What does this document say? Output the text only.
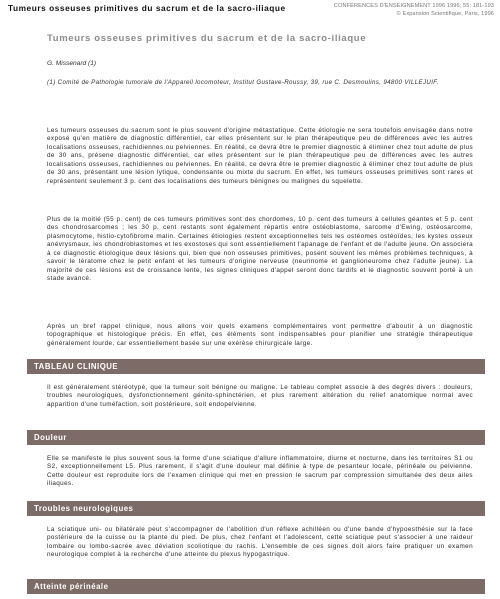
Tumeurs osseuses primitives du sacrum et de la sacro-iliaque	CONFÉRENCES D'ENSEIGNEMENT 1996 1996; 55: 181-193
© Expansion Scientifique, Paris, 1996
Tumeurs osseuses primitives du sacrum et de la sacro-iliaque
G. Missenard (1)
(1) Comité de Pathologie tumorale de l'Appareil locomoteur, Institut Gustave-Roussy, 39, rue C. Desmoulins, 94800 VILLEJUIF.
Les tumeurs osseuses du sacrum sont le plus souvent d'origine métastatique. Cette étiologie ne sera toutefois envisagée dans notre exposé qu'en matière de diagnostic différentiel, car elles présentent sur le plan thérapeutique peu de différences avec les autres localisations osseuses, rachidiennes ou pelviennes. En réalité, ce devra être le premier diagnostic à éliminer chez tout adulte de plus de 30 ans, présene diagnostic différentiel, car elles présentent sur le plan thérapeutique peu de différences avec les autres localisations osseuses, rachidiennes ou pelviennes. En réalité, ce devra être le premier diagnostic à éliminer chez tout adulte de plus de 30 ans, présentant une lésion lytique, condensante ou mixte du sacrum. En effet, les tumeurs osseuses primitives sont rares et représentent seulement 3 p. cent des localisations des tumeurs bénignes ou malignes du squelette.
Plus de la moitié (55 p. cent) de ces tumeurs primitives sont des chordomes, 10 p. cent des tumeurs à cellules géantes et 5 p. cent des chondrosarcomes ; les 30 p. cent restants sont également répartis entre ostéoblastome, sarcome d'Ewing, ostéosarcome, plasmocytome, histio-cytofibrome malin. Certaines étiologies restent exceptionnelles tels les ostéomes ostéoïdes, les kystes osseux anévrysmaux, les chondroblastomes et les exostoses qui sont essentiellement l'apanage de l'enfant et de l'adulte jeune. On associera à ce diagnostic étiologique deux lésions qui, bien que non osseuses primitives, posent souvent les mêmes problèmes techniques, à savoir le tératome chez le petit enfant et les tumeurs d'origine nerveuse (neurinome et ganglioneurome chez l'adulte jeune). La majorité de ces lésions est de croissance lente, les signes cliniques d'appel seront donc tardifs et le diagnostic souvent porté à un stade avancé.
Après un bref rappel clinique, nous allons voir quels examens complémentaires vont permettre d'aboutir à un diagnostic topographique et histologique précis. En effet, ces éléments sont indispensables pour planifier une stratégie thérapeutique généralement lourde, car essentiellement basée sur une exérèse chirurgicale large.
TABLEAU CLINIQUE
Il est généralement stéréotypé, que la tumeur soit bénigne ou maligne. Le tableau complet associe à des degrés divers : douleurs, troubles neurologiques, dysfonctionnement génito-sphinctérien, et plus rarement altération du relief anatomique normal avec apparition d'une tuméfaction, soit postérieure, soit endopelvienne.
Douleur
Elle se manifeste le plus souvent sous la forme d'une sciatique d'allure inflammatoire, diurne et nocturne, dans les territoires S1 ou S2, exceptionnellement L5. Plus rarement, il s'agit d'une douleur mal définie à type de pesanteur locale, périnéale ou pelvienne. Cette douleur est reproduite lors de l'examen clinique qui met en pression le sacrum par compression simultanée des deux ailes iliaques.
Troubles neurologiques
La sciatique uni- ou bilatérale peut s'accompagner de l'abolition d'un réflexe achilléen ou d'une bande d'hypoesthésie sur la face postérieure de la cuisse ou la plante du pied. De plus, chez l'enfant et l'adolescent, cette sciatique peut s'associer à une raideur lombaire ou lombo-sacrée avec déviation scoliotique du rachis. L'ensemble de ces signes doit alors faire pratiquer un examen neurologique complet à la recherche d'une atteinte du plexus hypogastrique.
Atteinte périnéale
